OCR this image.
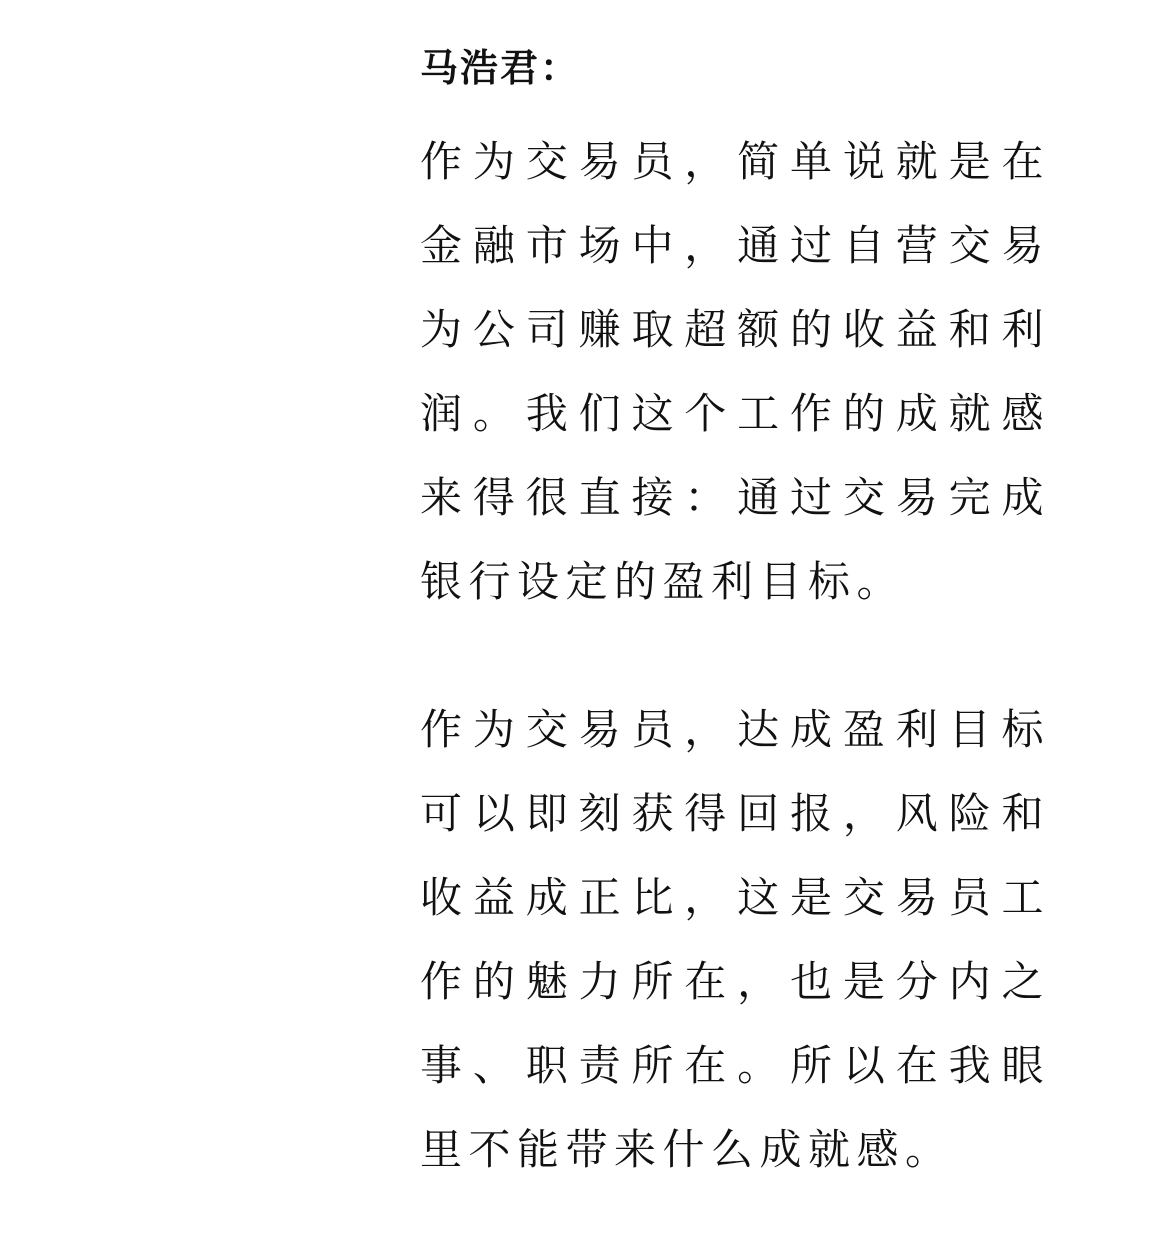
马浩君：

作为交易员，简单说就是在金融市场中，通过自营交易为公司赚取超额的收益和利润。我们这个工作的成就感来得很直接：通过交易完成银行设定的盈利目标。

作为交易员，达成盈利目标可以即刻获得回报，风险和收益成正比，这是交易员工作的魅力所在，也是分内之事、职责所在。所以在我眼里不能带来什么成就感。
